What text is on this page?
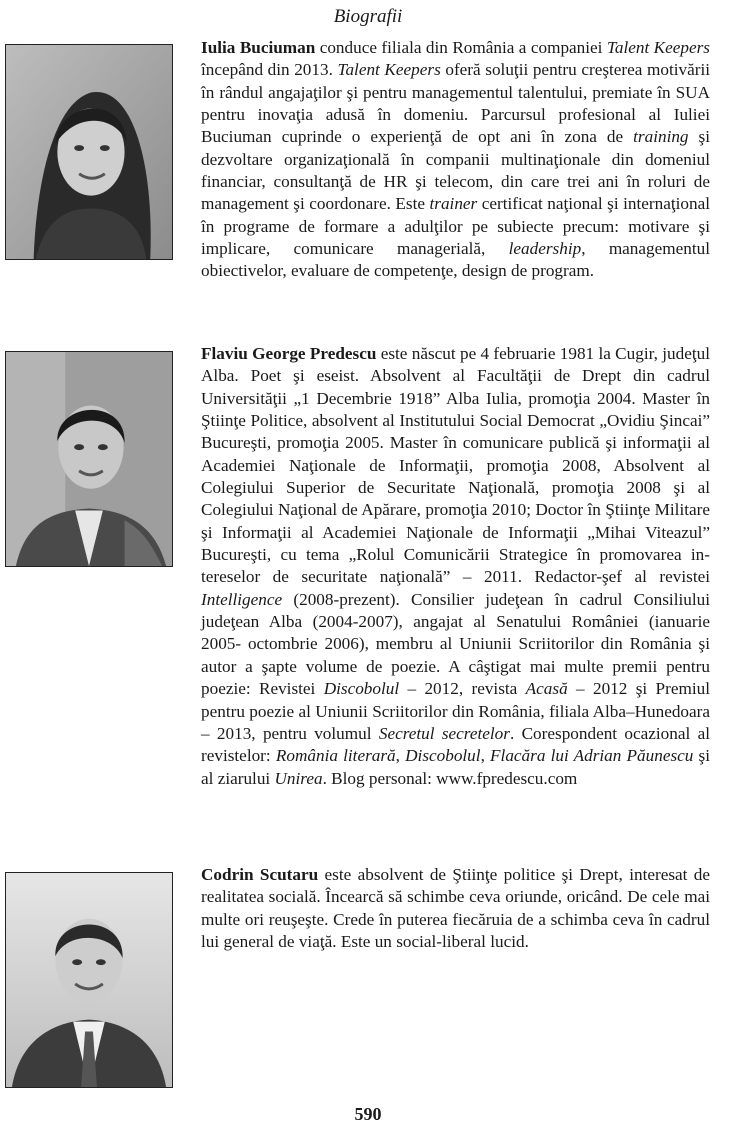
Biografii

Iulia Buciuman conduce filiala din România a companiei Talent Keepers începând din 2013. Talent Keepers oferă soluţii pentru creşterea motivării în rândul angajaţilor şi pentru managementul talentului, premiate în SUA pentru inovaţia adusă în domeniu. Parcursul profesional al Iuliei Buciuman cuprinde o experienţă de opt ani în zona de training şi dezvoltare organizaţională în companii multinaţionale din domeniul financiar, consultanţă de HR şi telecom, din care trei ani în roluri de management şi coordonare. Este trainer certificat naţional şi internaţional în programe de formare a adulţilor pe subiecte precum: motivare şi implicare, comunicare managerială, leadership, managementul obiectivelor, evaluare de competenţe, design de program.

Flaviu George Predescu este născut pe 4 februarie 1981 la Cugir, judeţul Alba. Poet şi eseist. Absolvent al Facultăţii de Drept din cadrul Universităţii „1 Decembrie 1918” Alba Iulia, promoţia 2004. Master în Ştiinţe Politice, absolvent al Institutului Social Democrat „Ovidiu Şincai” Bucureşti, promoţia 2005. Master în comunicare publică şi informaţii al Academiei Naţionale de Informaţii, promoţia 2008, Absolvent al Colegiului Superior de Securitate Naţională, promoţia 2008 şi al Colegiului Naţional de Apărare, promoţia 2010; Doctor în Ştiinţe Militare şi Informaţii al Academiei Naţionale de Informaţii „Mihai Viteazul” Bucureşti, cu tema „Rolul Comunicării Strategice în promovarea intereselor de securitate naţională” – 2011. Redactor-şef al revistei Intelligence (2008-prezent). Consilier judeţean în cadrul Consiliului judeţean Alba (2004-2007), angajat al Senatului României (ianuarie 2005- octombrie 2006), membru al Uniunii Scriitorilor din România şi autor a şapte volume de poezie. A câştigat mai multe premii pentru poezie: Revistei Discobolul – 2012, revista Acasă – 2012 şi Premiul pentru poezie al Uniunii Scriitorilor din România, filiala Alba–Hunedoara – 2013, pentru volumul Secretul secretelor. Corespondent ocazional al revistelor: România literară, Discobolul, Flacăra lui Adrian Păunescu şi al ziarului Unirea. Blog personal: www.fpredescu.com

Codrin Scutaru este absolvent de Ştiinţe politice şi Drept, interesat de realitatea socială. Încearcă să schimbe ceva oriunde, oricând. De cele mai multe ori reuşeşte. Crede în puterea fiecăruia de a schimba ceva în cadrul lui general de viaţă. Este un social-liberal lucid.

590
